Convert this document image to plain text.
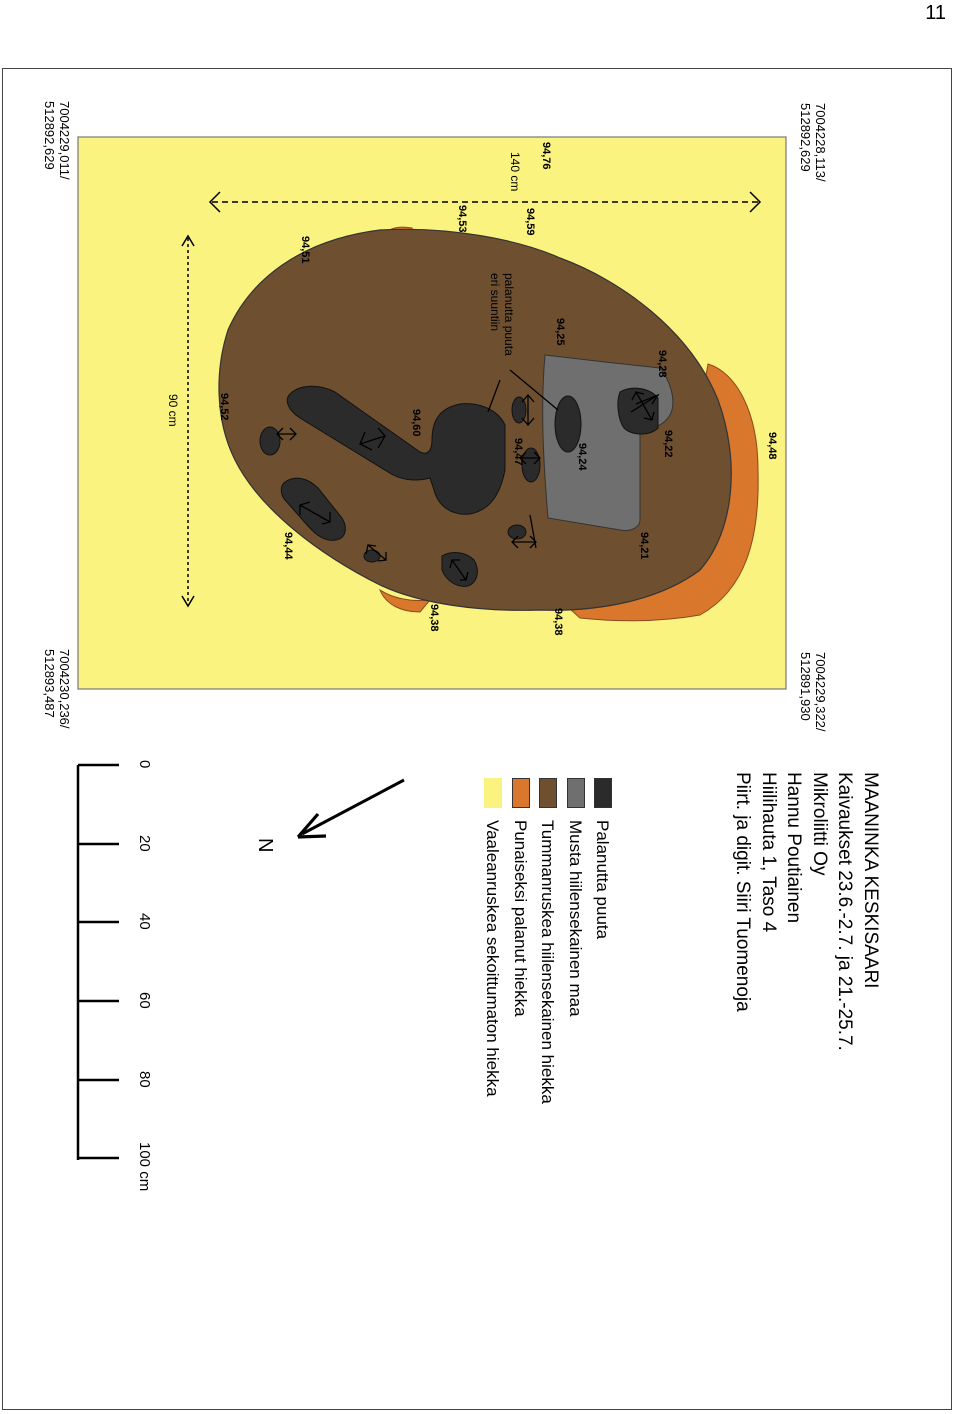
11
7004228,113/
512892,629
7004229,322/
512891,930
7004229,011/
512892,629
7004230,236/
512893,487
140 cm
90 cm
palanutta puuta
eri suuntiin
94,76
94,59
94,53
94,51
94,25
94,28
94,22	94,48
94,52
94,60
94,47	94,24
94,21
94,44
94,38	94,38
MAANINKA KESKISAARI
Kaivaukset 23.6.-2.7. ja 21.-25.7.
Mikroliitti Oy
Hannu Poutiainen
Hiilihauta 1, Taso 4
Piirt. ja digit. Siiri Tuomenoja
Palanutta puuta
Musta hiilensekainen maa
Tummanruskea hiilensekainen hiekka
Punaiseksi palanut hiekka
Vaaleanruskea sekoittumaton hiekka
N
0
20
40
60
80
100 cm
